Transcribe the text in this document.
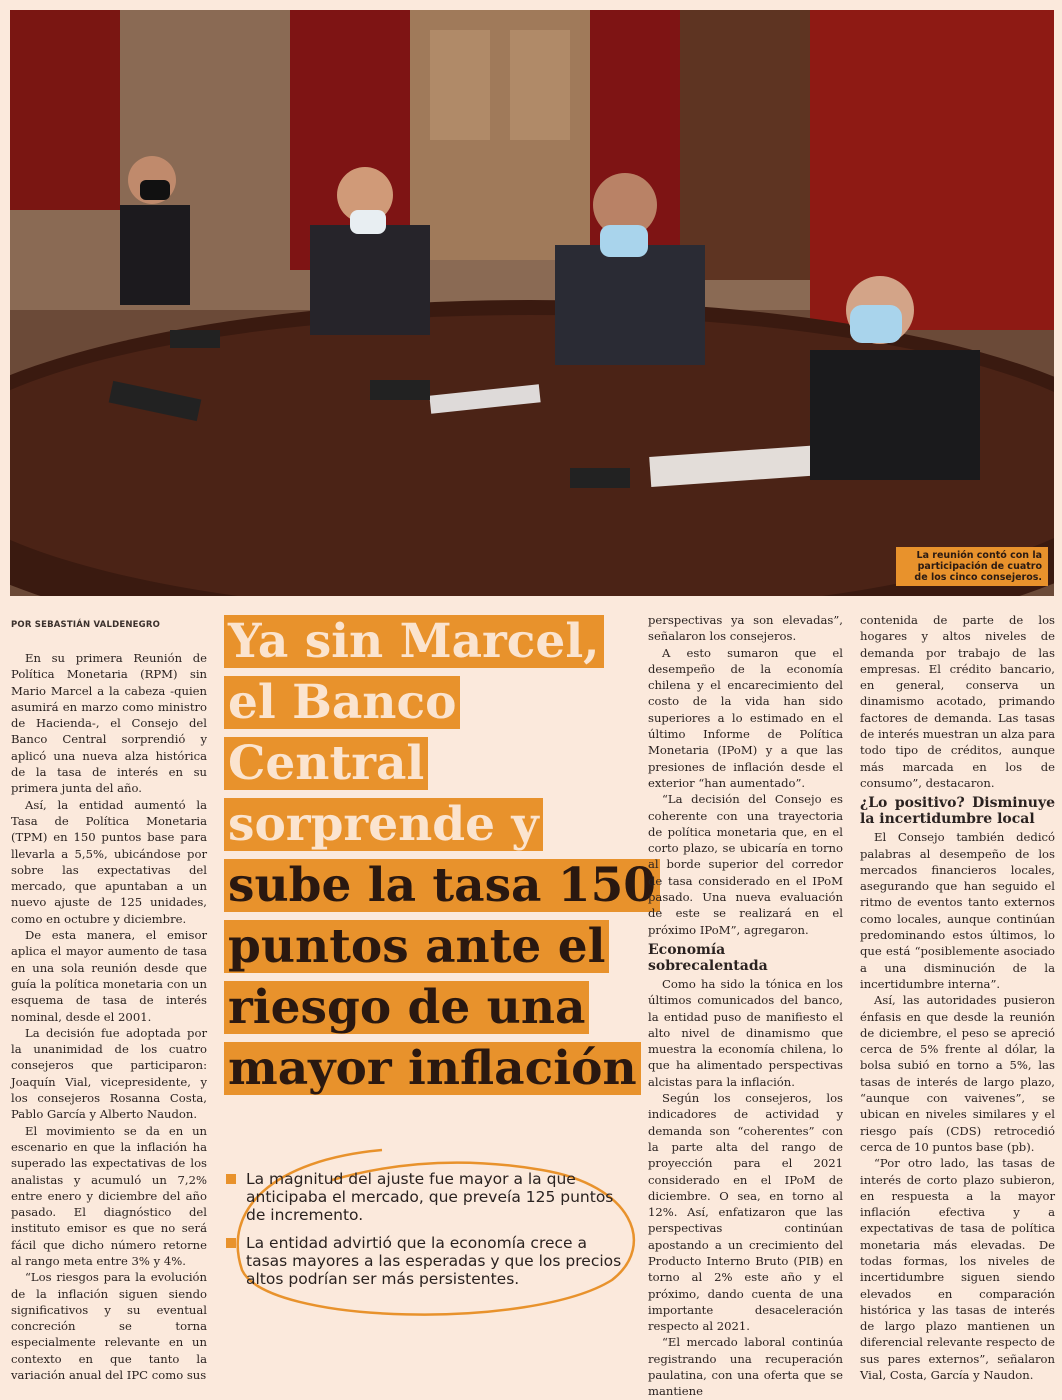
La reunión contó con la participación de cuatro de los cinco consejeros.
POR SEBASTIÁN VALDENEGRO

En su primera Reunión de Política Monetaria (RPM) sin Mario Marcel a la cabeza -quien asumirá en marzo como ministro de Hacienda-, el Consejo del Banco Central sorprendió y aplicó una nueva alza histórica de la tasa de interés en su primera junta del año.

Así, la entidad aumentó la Tasa de Política Monetaria (TPM) en 150 puntos base para llevarla a 5,5%, ubicándose por sobre las expectativas del mercado, que apuntaban a un nuevo ajuste de 125 unidades, como en octubre y diciembre.

De esta manera, el emisor aplica el mayor aumento de tasa en una sola reunión desde que guía la política monetaria con un esquema de tasa de interés nominal, desde el 2001.

La decisión fue adoptada por la unanimidad de los cuatro consejeros que participaron: Joaquín Vial, vicepresidente, y los consejeros Rosanna Costa, Pablo García y Alberto Naudon.

El movimiento se da en un escenario en que la inflación ha superado las expectativas de los analistas y acumuló un 7,2% entre enero y diciembre del año pasado. El diagnóstico del instituto emisor es que no será fácil que dicho número retorne al rango meta entre 3% y 4%.

“Los riesgos para la evolución de la inflación siguen siendo significativos y su eventual concreción se torna especialmente relevante en un contexto en que tanto la variación anual del IPC como sus

Ya sin Marcel,
el Banco
Central
sorprende y
sube la tasa 150
puntos ante el
riesgo de una
mayor inflación
La magnitud del ajuste fue mayor a la que anticipaba el mercado, que preveía 125 puntos de incremento.
La entidad advirtió que la economía crece a tasas mayores a las esperadas y que los precios altos podrían ser más persistentes.

perspectivas ya son elevadas”, señalaron los consejeros.

A esto sumaron que el desempeño de la economía chilena y el encarecimiento del costo de la vida han sido superiores a lo estimado en el último Informe de Política Monetaria (IPoM) y a que las presiones de inflación desde el exterior “han aumentado”.

“La decisión del Consejo es coherente con una trayectoria de política monetaria que, en el corto plazo, se ubicaría en torno al borde superior del corredor de tasa considerado en el IPoM pasado. Una nueva evaluación de este se realizará en el próximo IPoM”, agregaron.

Economía sobrecalentada

Como ha sido la tónica en los últimos comunicados del banco, la entidad puso de manifiesto el alto nivel de dinamismo que muestra la economía chilena, lo que ha alimentado perspectivas alcistas para la inflación.

Según los consejeros, los indicadores de actividad y demanda son “coherentes” con la parte alta del rango de proyección para el 2021 considerado en el IPoM de diciembre. O sea, en torno al 12%. Así, enfatizaron que las perspectivas continúan apostando a un crecimiento del Producto Interno Bruto (PIB) en torno al 2% este año y el próximo, dando cuenta de una importante desaceleración respecto al 2021.

“El mercado laboral continúa registrando una recuperación paulatina, con una oferta que se mantiene

contenida de parte de los hogares y altos niveles de demanda por trabajo de las empresas. El crédito bancario, en general, conserva un dinamismo acotado, primando factores de demanda. Las tasas de interés muestran un alza para todo tipo de créditos, aunque más marcada en los de consumo”, destacaron.

¿Lo positivo? Disminuye la incertidumbre local

El Consejo también dedicó palabras al desempeño de los mercados financieros locales, asegurando que han seguido el ritmo de eventos tanto externos como locales, aunque continúan predominando estos últimos, lo que está “posiblemente asociado a una disminución de la incertidumbre interna”.

Así, las autoridades pusieron énfasis en que desde la reunión de diciembre, el peso se apreció cerca de 5% frente al dólar, la bolsa subió en torno a 5%, las tasas de interés de largo plazo, “aunque con vaivenes”, se ubican en niveles similares y el riesgo país (CDS) retrocedió cerca de 10 puntos base (pb).

“Por otro lado, las tasas de interés de corto plazo subieron, en respuesta a la mayor inflación efectiva y a expectativas de tasa de política monetaria más elevadas. De todas formas, los niveles de incertidumbre siguen siendo elevados en comparación histórica y las tasas de interés de largo plazo mantienen un diferencial relevante respecto de sus pares externos”, señalaron Vial, Costa, García y Naudon.
